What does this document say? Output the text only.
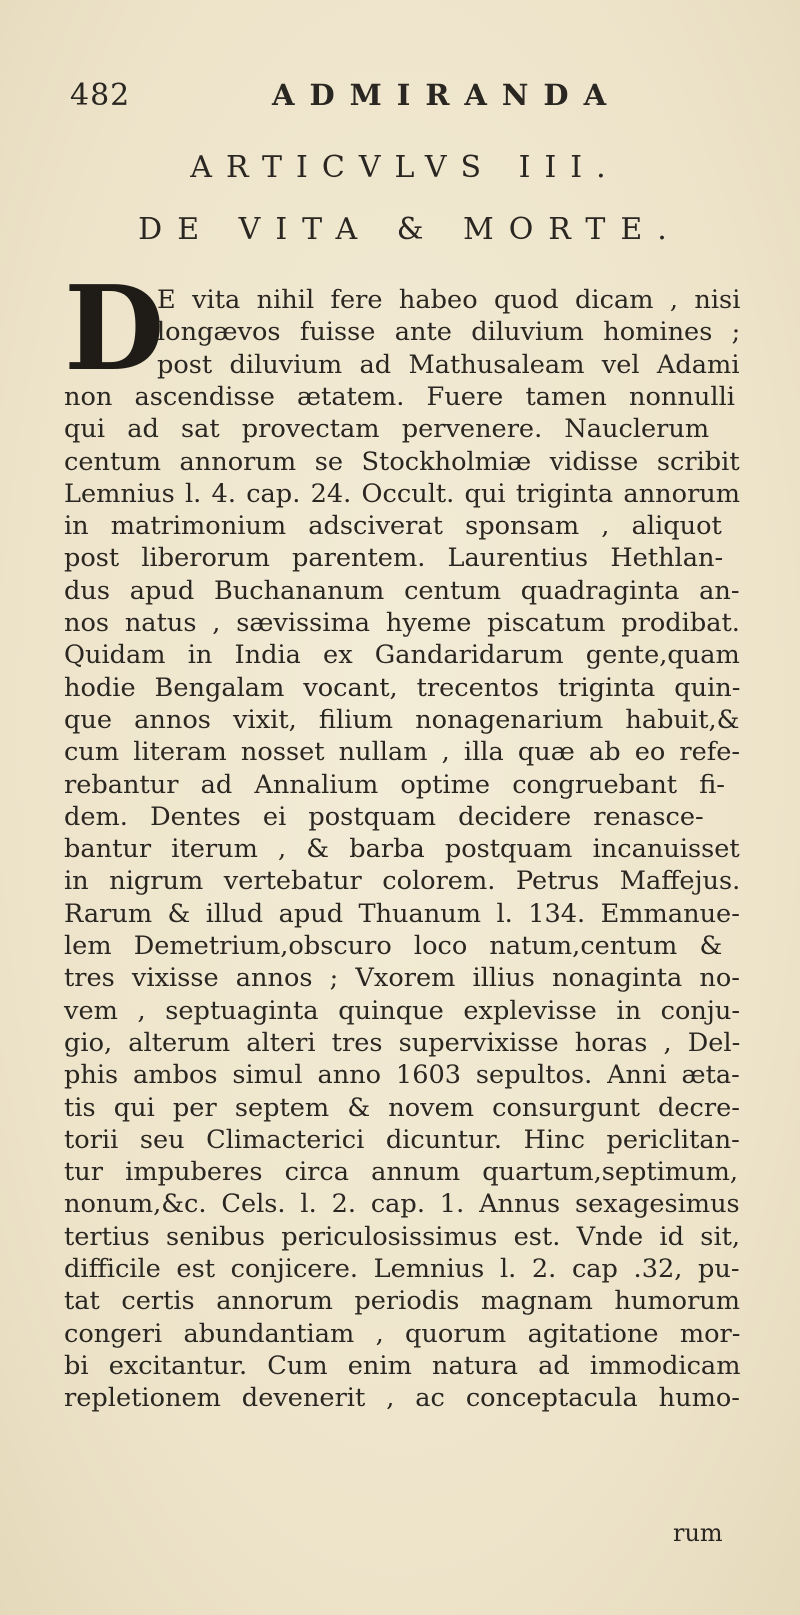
482	ADMIRANDA
ARTICVLVS III.
DE VITA & MORTE.
D
E vita nihil fere habeo quod dicam , nisi
longævos fuisse ante diluvium homines ;
post diluvium ad Mathusaleam vel Adami
non ascendisse ætatem. Fuere tamen nonnulli
qui ad sat provectam pervenere. Nauclerum
centum annorum se Stockholmiæ vidisse scribit
Lemnius l. 4. cap. 24. Occult. qui triginta annorum
in matrimonium adsciverat sponsam , aliquot
post liberorum parentem. Laurentius Hethlan-
dus apud Buchananum centum quadraginta an-
nos natus , sævissima hyeme piscatum prodibat.
Quidam in India ex Gandaridarum gente,quam
hodie Bengalam vocant, trecentos triginta quin-
que annos vixit, filium nonagenarium habuit,&
cum literam nosset nullam , illa quæ ab eo refe-
rebantur ad Annalium optime congruebant fi-
dem. Dentes ei postquam decidere renasce-
bantur iterum , & barba postquam incanuisset
in nigrum vertebatur colorem. Petrus Maffejus.
Rarum & illud apud Thuanum l. 134. Emmanue-
lem Demetrium,obscuro loco natum,centum &
tres vixisse annos ; Vxorem illius nonaginta no-
vem , septuaginta quinque explevisse in conju-
gio, alterum alteri tres supervixisse horas , Del-
phis ambos simul anno 1603 sepultos. Anni æta-
tis qui per septem & novem consurgunt decre-
torii seu Climacterici dicuntur. Hinc periclitan-
tur impuberes circa annum quartum,septimum,
nonum,&c. Cels. l. 2. cap. 1. Annus sexagesimus
tertius senibus periculosissimus est. Vnde id sit,
difficile est conjicere. Lemnius l. 2. cap .32, pu-
tat certis annorum periodis magnam humorum
congeri abundantiam , quorum agitatione mor-
bi excitantur. Cum enim natura ad immodicam
repletionem devenerit , ac conceptacula humo-
rum
